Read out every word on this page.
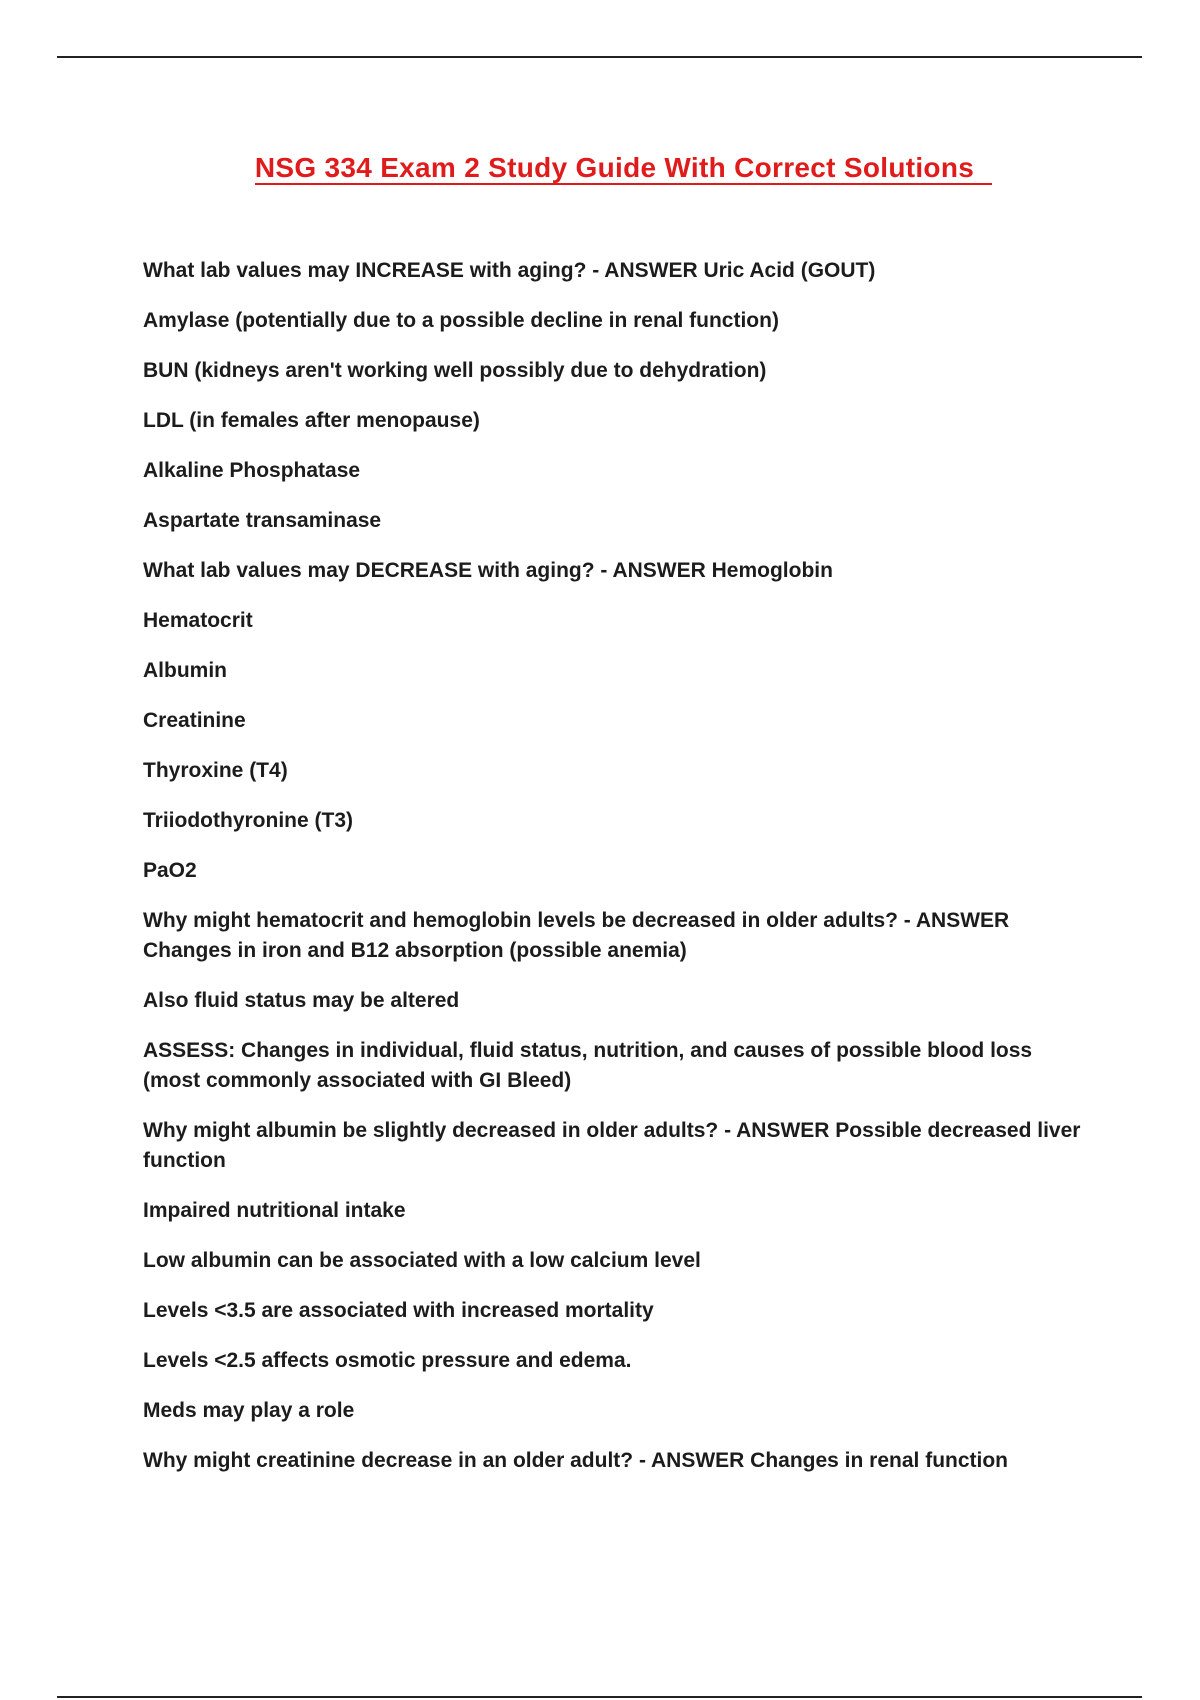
NSG 334 Exam 2 Study Guide With Correct Solutions

What lab values may INCREASE with aging? - ANSWER Uric Acid (GOUT)

Amylase (potentially due to a possible decline in renal function)

BUN (kidneys aren't working well possibly due to dehydration)

LDL (in females after menopause)

Alkaline Phosphatase

Aspartate transaminase

What lab values may DECREASE with aging? - ANSWER Hemoglobin

Hematocrit

Albumin

Creatinine

Thyroxine (T4)

Triiodothyronine (T3)

PaO2

Why might hematocrit and hemoglobin levels be decreased in older adults? - ANSWER Changes in iron and B12 absorption (possible anemia)

Also fluid status may be altered

ASSESS: Changes in individual, fluid status, nutrition, and causes of possible blood loss (most commonly associated with GI Bleed)

Why might albumin be slightly decreased in older adults? - ANSWER Possible decreased liver function

Impaired nutritional intake

Low albumin can be associated with a low calcium level

Levels <3.5 are associated with increased mortality

Levels <2.5 affects osmotic pressure and edema.

Meds may play a role

Why might creatinine decrease in an older adult? - ANSWER Changes in renal function
